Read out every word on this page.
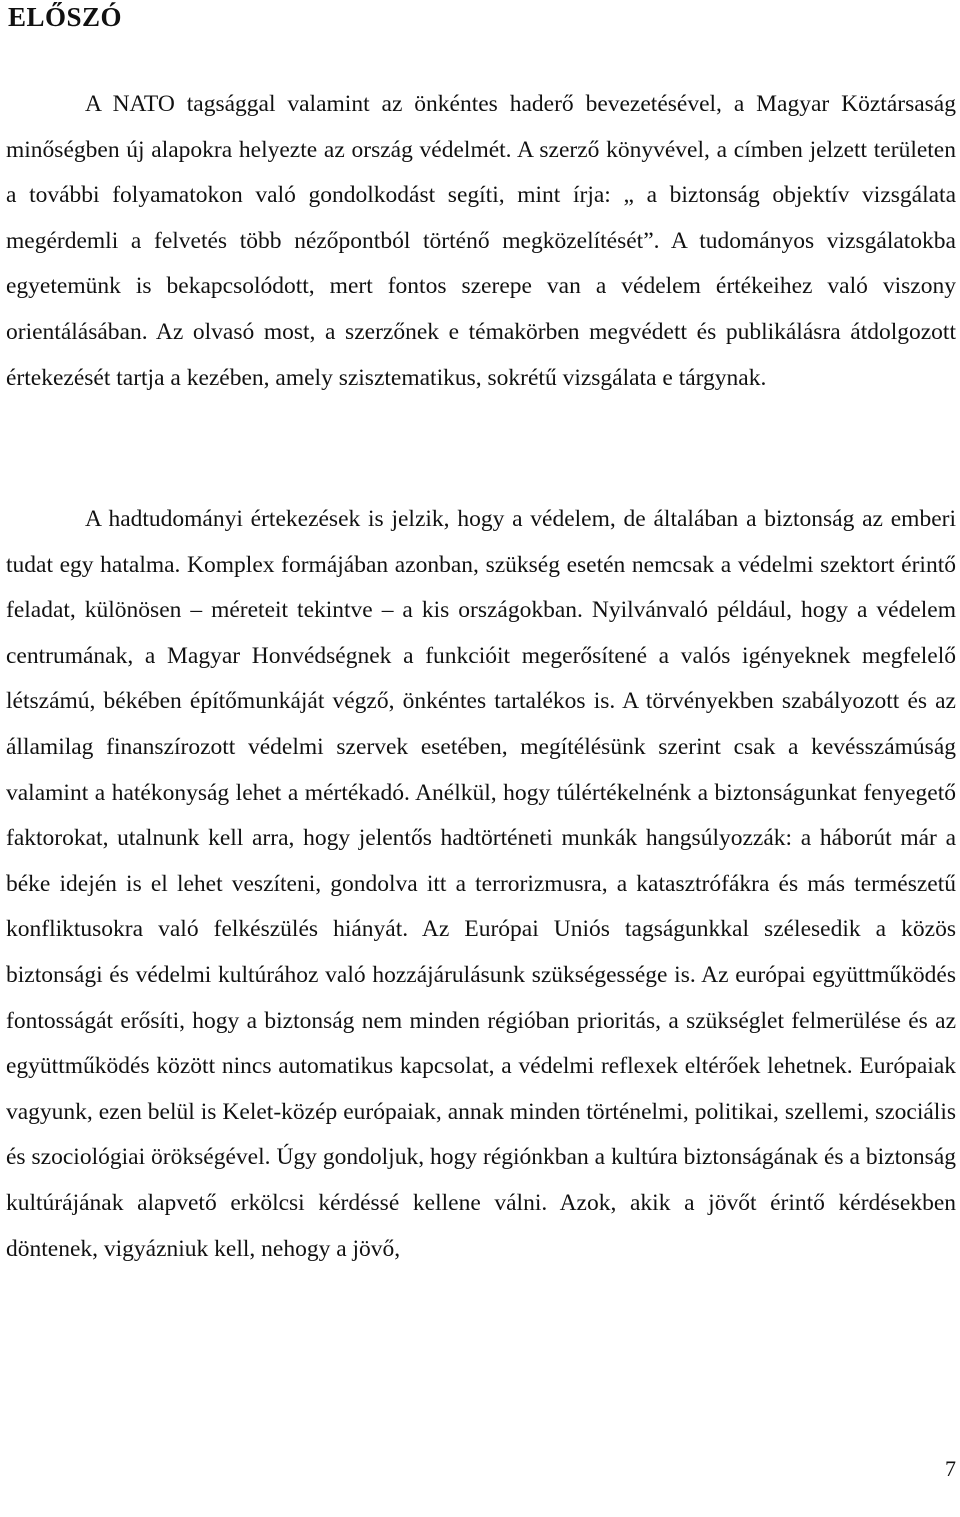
ELŐSZÓ

A NATO tagsággal valamint az önkéntes haderő bevezetésével, a Magyar Köztársaság minőségben új alapokra helyezte az ország védelmét. A szerző könyvével, a címben jelzett területen a további folyamatokon való gondolkodást segíti, mint írja: „ a biztonság objektív vizsgálata megérdemli a felvetés több nézőpontból történő megközelítését”. A tudományos vizsgálatokba egyetemünk is bekapcsolódott, mert fontos szerepe van a védelem értékeihez való viszony orientálásában. Az olvasó most, a szerzőnek e témakörben megvédett és publikálásra átdolgozott értekezését tartja a kezében, amely szisztematikus, sokrétű vizsgálata e tárgynak.

A hadtudományi értekezések is jelzik, hogy a védelem, de általában a biztonság az emberi tudat egy hatalma. Komplex formájában azonban, szükség esetén nemcsak a védelmi szektort érintő feladat, különösen – méreteit tekintve – a kis országokban. Nyilvánvaló például, hogy a védelem centrumának, a Magyar Honvédségnek a funkcióit megerősítené a valós igényeknek megfelelő létszámú, békében építőmunkáját végző, önkéntes tartalékos is. A törvényekben szabályozott és az államilag finanszírozott védelmi szervek esetében, megítélésünk szerint csak a kevésszámúság valamint a hatékonyság lehet a mértékadó. Anélkül, hogy túlértékelnénk a biztonságunkat fenyegető faktorokat, utalnunk kell arra, hogy jelentős hadtörténeti munkák hangsúlyozzák: a háborút már a béke idején is el lehet veszíteni, gondolva itt a terrorizmusra, a katasztrófákra és más természetű konfliktusokra való felkészülés hiányát. Az Európai Uniós tagságunkkal szélesedik a közös biztonsági és védelmi kultúrához való hozzájárulásunk szükségessége is. Az európai együttműködés fontosságát erősíti, hogy a biztonság nem minden régióban prioritás, a szükséglet felmerülése és az együttműködés között nincs automatikus kapcsolat, a védelmi reflexek eltérőek lehetnek. Európaiak vagyunk, ezen belül is Kelet-közép európaiak, annak minden történelmi, politikai, szellemi, szociális és szociológiai örökségével. Úgy gondoljuk, hogy régiónkban a kultúra biztonságának és a biztonság kultúrájának alapvető erkölcsi kérdéssé kellene válni. Azok, akik a jövőt érintő kérdésekben döntenek, vigyázniuk kell, nehogy a jövő,

7
